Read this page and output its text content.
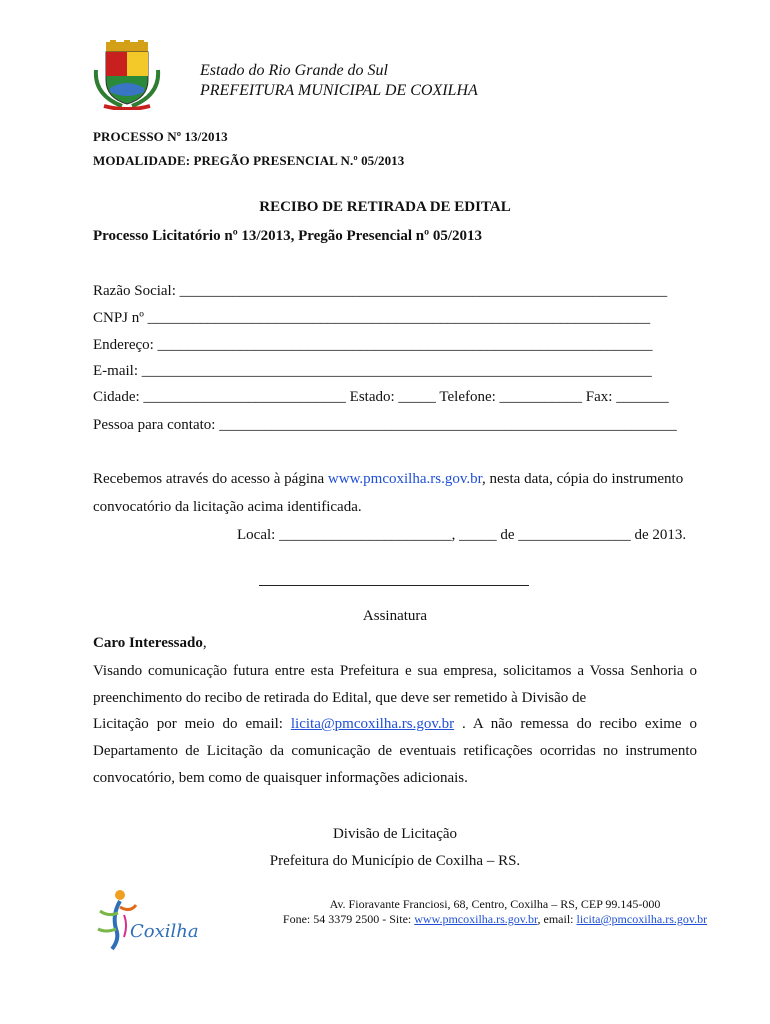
Estado do Rio Grande do Sul
PREFEITURA MUNICIPAL DE COXILHA
PROCESSO Nº 13/2013
MODALIDADE: PREGÃO PRESENCIAL N.º 05/2013
RECIBO DE RETIRADA DE EDITAL
Processo Licitatório nº 13/2013, Pregão Presencial nº 05/2013
Razão Social: _________________________________________________________________
CNPJ nº ___________________________________________________________________
Endereço: __________________________________________________________________
E-mail: ____________________________________________________________________
Cidade: ___________________________ Estado: _____ Telefone: ___________ Fax: _______
Pessoa para contato: _____________________________________________________________
Recebemos através do acesso à página www.pmcoxilha.rs.gov.br, nesta data, cópia do instrumento
convocatório da licitação acima identificada.
Local: _______________________, _____ de _______________ de 2013.
Assinatura
Caro Interessado,
Visando comunicação futura entre esta Prefeitura e sua empresa, solicitamos a Vossa Senhoria o
preenchimento do recibo de retirada do Edital, que deve ser remetido à Divisão de
Licitação por meio do email: licita@pmcoxilha.rs.gov.br . A não remessa do recibo exime o
Departamento de Licitação da comunicação de eventuais retificações ocorridas no instrumento
convocatório, bem como de quaisquer informações adicionais.
Divisão de Licitação
Prefeitura do Município de Coxilha – RS.
Coxilha
Av. Fioravante Franciosi, 68, Centro, Coxilha – RS, CEP 99.145-000
Fone: 54 3379 2500 - Site: www.pmcoxilha.rs.gov.br, email: licita@pmcoxilha.rs.gov.br
